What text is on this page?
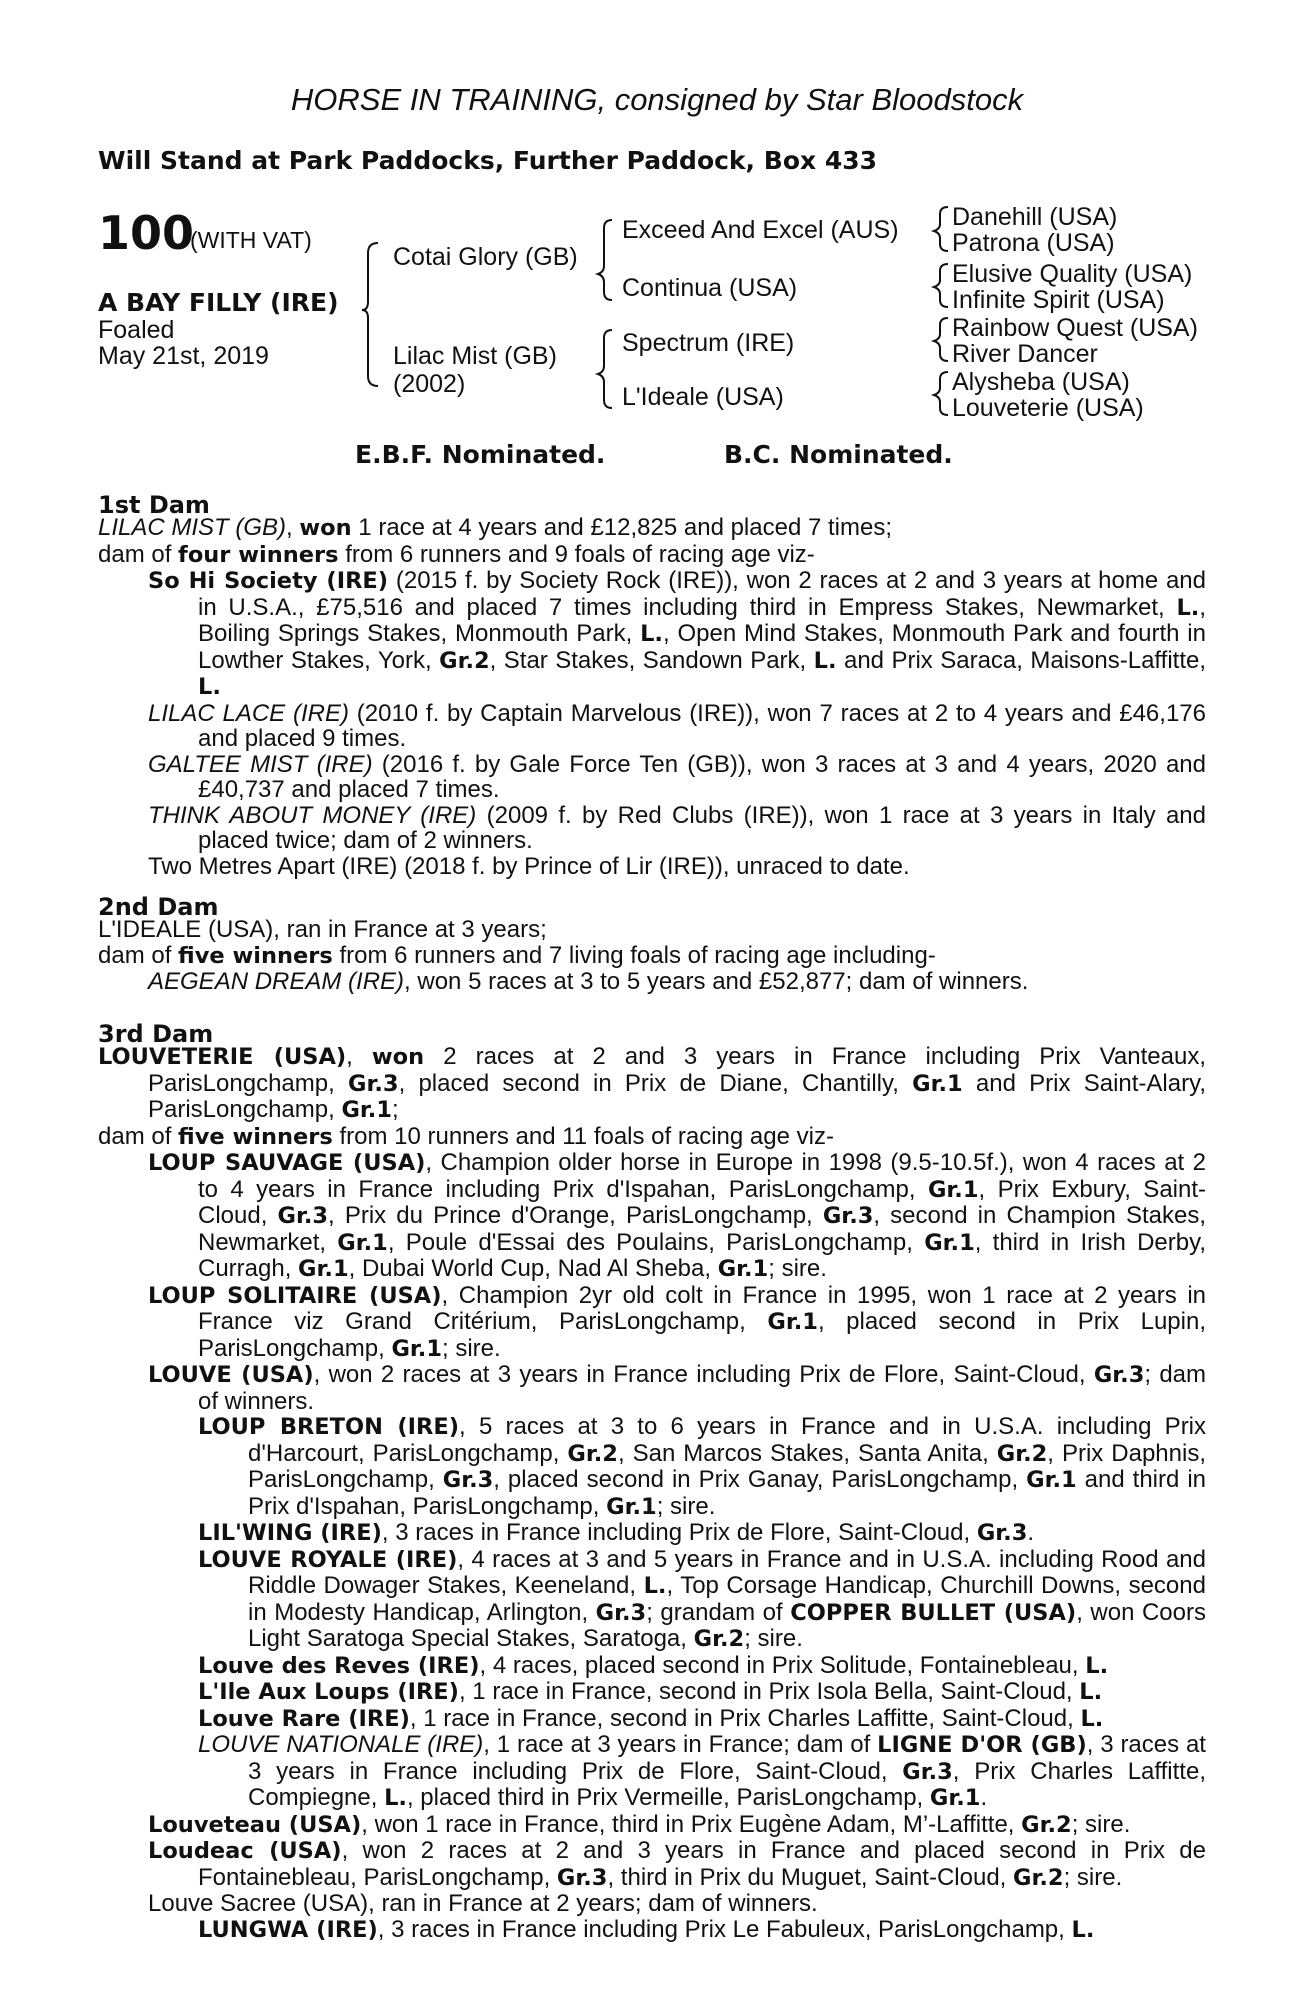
HORSE IN TRAINING, consigned by Star Bloodstock
Will Stand at Park Paddocks, Further Paddock, Box 433
100
(WITH VAT)
A BAY FILLY (IRE)
Foaled
May 21st, 2019
Cotai Glory (GB)
Lilac Mist (GB)
(2002)
Exceed And Excel (AUS)
Continua (USA)
Spectrum (IRE)
L'Ideale (USA)
Danehill (USA)
Patrona (USA)
Elusive Quality (USA)
Infinite Spirit (USA)
Rainbow Quest (USA)
River Dancer
Alysheba (USA)
Louveterie (USA)
E.B.F. Nominated.	B.C. Nominated.
1st Dam

LILAC MIST (GB), won 1 race at 4 years and £12,825 and placed 7 times;

dam of four winners from 6 runners and 9 foals of racing age viz-

So Hi Society (IRE) (2015 f. by Society Rock (IRE)), won 2 races at 2 and 3 years at home and in U.S.A., £75,516 and placed 7 times including third in Empress Stakes, Newmarket, L., Boiling Springs Stakes, Monmouth Park, L., Open Mind Stakes, Monmouth Park and fourth in Lowther Stakes, York, Gr.2, Star Stakes, Sandown Park, L. and Prix Saraca, Maisons-Laffitte, L.

LILAC LACE (IRE) (2010 f. by Captain Marvelous (IRE)), won 7 races at 2 to 4 years and £46,176 and placed 9 times.

GALTEE MIST (IRE) (2016 f. by Gale Force Ten (GB)), won 3 races at 3 and 4 years, 2020 and £40,737 and placed 7 times.

THINK ABOUT MONEY (IRE) (2009 f. by Red Clubs (IRE)), won 1 race at 3 years in Italy and placed twice; dam of 2 winners.

Two Metres Apart (IRE) (2018 f. by Prince of Lir (IRE)), unraced to date.

2nd Dam

L'IDEALE (USA), ran in France at 3 years;

dam of five winners from 6 runners and 7 living foals of racing age including-

AEGEAN DREAM (IRE), won 5 races at 3 to 5 years and £52,877; dam of winners.

3rd Dam

LOUVETERIE (USA), won 2 races at 2 and 3 years in France including Prix Vanteaux, ParisLongchamp, Gr.3, placed second in Prix de Diane, Chantilly, Gr.1 and Prix Saint-Alary, ParisLongchamp, Gr.1;

dam of five winners from 10 runners and 11 foals of racing age viz-

LOUP SAUVAGE (USA), Champion older horse in Europe in 1998 (9.5-10.5f.), won 4 races at 2 to 4 years in France including Prix d'Ispahan, ParisLongchamp, Gr.1, Prix Exbury, Saint-Cloud, Gr.3, Prix du Prince d'Orange, ParisLongchamp, Gr.3, second in Champion Stakes, Newmarket, Gr.1, Poule d'Essai des Poulains, ParisLongchamp, Gr.1, third in Irish Derby, Curragh, Gr.1, Dubai World Cup, Nad Al Sheba, Gr.1; sire.

LOUP SOLITAIRE (USA), Champion 2yr old colt in France in 1995, won 1 race at 2 years in France viz Grand Critérium, ParisLongchamp, Gr.1, placed second in Prix Lupin, ParisLongchamp, Gr.1; sire.

LOUVE (USA), won 2 races at 3 years in France including Prix de Flore, Saint-Cloud, Gr.3; dam of winners.

LOUP BRETON (IRE), 5 races at 3 to 6 years in France and in U.S.A. including Prix d'Harcourt, ParisLongchamp, Gr.2, San Marcos Stakes, Santa Anita, Gr.2, Prix Daphnis, ParisLongchamp, Gr.3, placed second in Prix Ganay, ParisLongchamp, Gr.1 and third in Prix d'Ispahan, ParisLongchamp, Gr.1; sire.

LIL'WING (IRE), 3 races in France including Prix de Flore, Saint-Cloud, Gr.3.

LOUVE ROYALE (IRE), 4 races at 3 and 5 years in France and in U.S.A. including Rood and Riddle Dowager Stakes, Keeneland, L., Top Corsage Handicap, Churchill Downs, second in Modesty Handicap, Arlington, Gr.3; grandam of COPPER BULLET (USA), won Coors Light Saratoga Special Stakes, Saratoga, Gr.2; sire.

Louve des Reves (IRE), 4 races, placed second in Prix Solitude, Fontainebleau, L.

L'Ile Aux Loups (IRE), 1 race in France, second in Prix Isola Bella, Saint-Cloud, L.

Louve Rare (IRE), 1 race in France, second in Prix Charles Laffitte, Saint-Cloud, L.

LOUVE NATIONALE (IRE), 1 race at 3 years in France; dam of LIGNE D'OR (GB), 3 races at 3 years in France including Prix de Flore, Saint-Cloud, Gr.3, Prix Charles Laffitte, Compiegne, L., placed third in Prix Vermeille, ParisLongchamp, Gr.1.

Louveteau (USA), won 1 race in France, third in Prix Eugène Adam, M’-Laffitte, Gr.2; sire.

Loudeac (USA), won 2 races at 2 and 3 years in France and placed second in Prix de Fontainebleau, ParisLongchamp, Gr.3, third in Prix du Muguet, Saint-Cloud, Gr.2; sire.

Louve Sacree (USA), ran in France at 2 years; dam of winners.

LUNGWA (IRE), 3 races in France including Prix Le Fabuleux, ParisLongchamp, L.
